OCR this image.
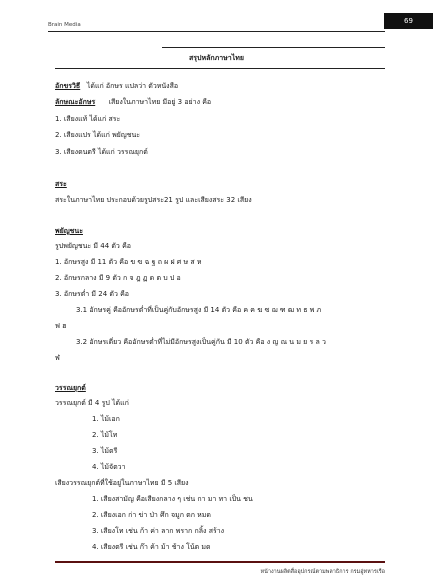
Brain Media	69
สรุปหลักภาษาไทย
อักขรวิธี ได้แก่ อักษร แปลว่า ตัวหนังสือ
ลักษณะอักษร เสียงในภาษาไทย มีอยู่ 3 อย่าง คือ
1. เสียงแท้ ได้แก่ สระ
2. เสียงแปร ได้แก่ พยัญชนะ
3. เสียงดนตรี ได้แก่ วรรณยุกต์
สระ
สระในภาษาไทย ประกอบด้วยรูปสระ21 รูป และเสียงสระ 32 เสียง
พยัญชนะ
รูปพยัญชนะ มี 44 ตัว คือ
1. อักษรสูง มี 11 ตัว คือ ข ฃ ฉ ฐ ถ ผ ฝ ศ ษ ส ห
2. อักษรกลาง มี 9 ตัว ก จ ฎ ฏ ด ต บ ป อ
3. อักษรต่ำ มี 24 ตัว คือ
3.1 อักษรคู่ คืออักษรต่ำที่เป็นคู่กับอักษรสูง มี 14 ตัว คือ ค ฅ ฆ ซ ฌ ฑ ฒ ท ธ พ ภ
ฟ ฮ
3.2 อักษรเดี่ยว คืออักษรต่ำที่ไม่มีอักษรสูงเป็นคู่กัน มี 10 ตัว คือ ง ญ ณ น ม ย ร ล ว
ฬ
วรรณยุกต์
วรรณยุกต์ มี 4 รูป ได้แก่
1. ไม้เอก
2. ไม้โท
3. ไม้ตรี
4. ไม้จัตวา
เสียงวรรณยุกต์ที่ใช้อยู่ในภาษาไทย มี 5 เสียง
1. เสียงสามัญ คือเสียงกลาง ๆ เช่น กา มา ทา เป็น ชน
2. เสียงเอก ก่า ข่า ป่า ศึก จมูก ตก หมด
3. เสียงโท เช่น ก้า ค่า ลาก พราก กลิ้ง สร้าง
4. เสียงตรี เช่น ก๊า ค้า ม้า ช้าง โน้ต มด
หน้างานผลิตสื่ออุปกรณ์ตามพลาธิการ กรมอู่ทหารเรือ
